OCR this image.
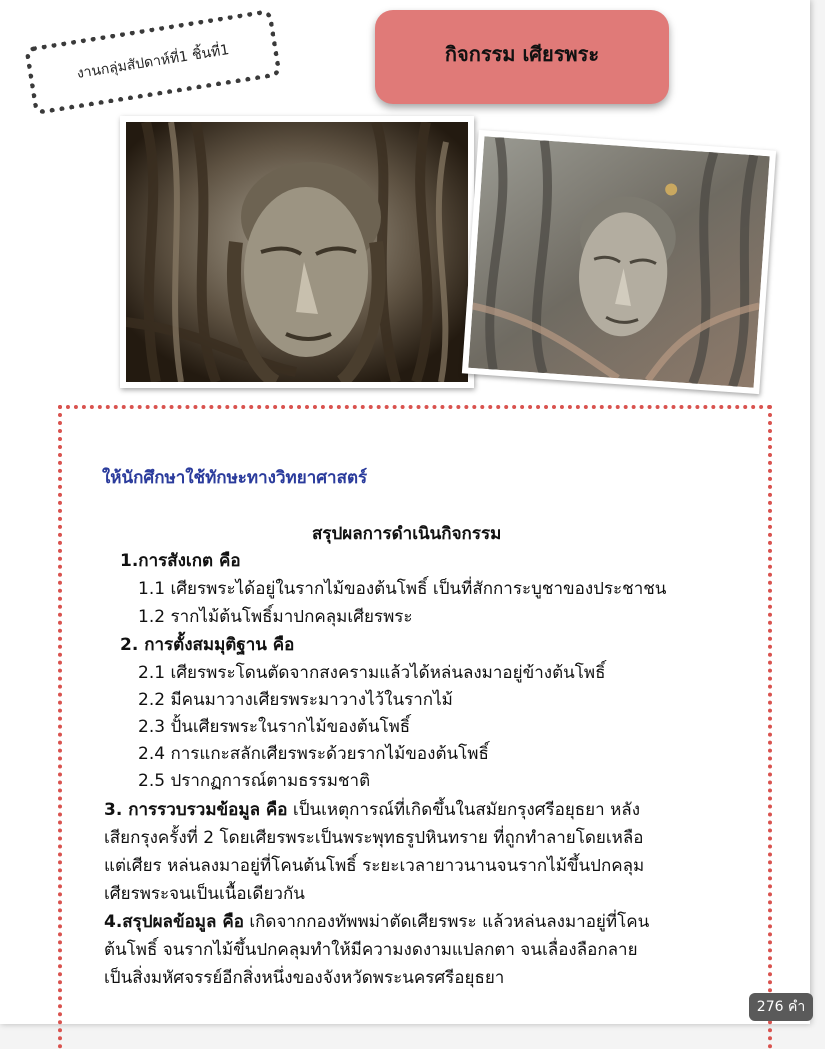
งานกลุ่มสัปดาห์ที่1 ชิ้นที่1	กิจกรรม เศียรพระ
ให้นักศึกษาใช้ทักษะทางวิทยาศาสตร์
สรุปผลการดำเนินกิจกรรม
1.การสังเกต คือ
1.1 เศียรพระได้อยู่ในรากไม้ของต้นโพธิ์ เป็นที่สักการะบูชาของประชาชน
1.2 รากไม้ต้นโพธิ์มาปกคลุมเศียรพระ
2. การตั้งสมมุติฐาน คือ
2.1 เศียรพระโดนตัดจากสงครามแล้วได้หล่นลงมาอยู่ข้างต้นโพธิ์
2.2 มีคนมาวางเศียรพระมาวางไว้ในรากไม้
2.3 ปั้นเศียรพระในรากไม้ของต้นโพธิ์
2.4 การแกะสลักเศียรพระด้วยรากไม้ของต้นโพธิ์
2.5 ปรากฏการณ์ตามธรรมชาติ
3. การรวบรวมข้อมูล คือ เป็นเหตุการณ์ที่เกิดขึ้นในสมัยกรุงศรีอยุธยา หลัง
เสียกรุงครั้งที่ 2 โดยเศียรพระเป็นพระพุทธรูปหินทราย ที่ถูกทำลายโดยเหลือ
แต่เศียร หล่นลงมาอยู่ที่โคนต้นโพธิ์ ระยะเวลายาวนานจนรากไม้ขึ้นปกคลุม
เศียรพระจนเป็นเนื้อเดียวกัน
4.สรุปผลข้อมูล คือ เกิดจากกองทัพพม่าตัดเศียรพระ แล้วหล่นลงมาอยู่ที่โคน
ต้นโพธิ์ จนรากไม้ขึ้นปกคลุมทำให้มีความงดงามแปลกตา จนเลื่องลือกลาย
เป็นสิ่งมหัศจรรย์อีกสิ่งหนึ่งของจังหวัดพระนครศรีอยุธยา
276 คำ
